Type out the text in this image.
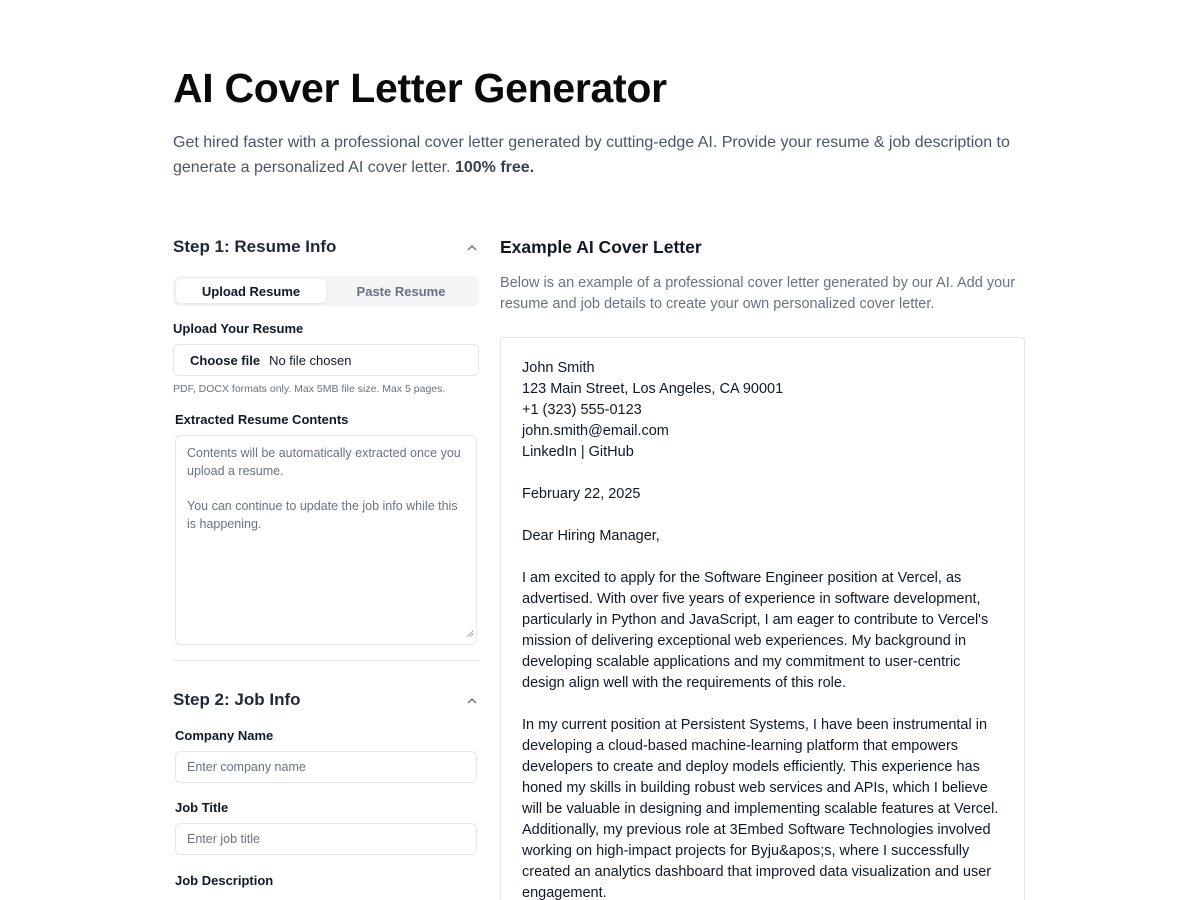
AI Cover Letter Generator

Get hired faster with a professional cover letter generated by cutting-edge AI. Provide your resume & job description to generate a personalized AI cover letter. 100% free.

Step 1: Resume Info
Upload Resume	Paste Resume
Upload Your Resume
Choose file No file chosen
PDF, DOCX formats only. Max 5MB file size. Max 5 pages.
Extracted Resume Contents

Contents will be automatically extracted once you upload a resume.

You can continue to update the job info while this is happening.

Step 2: Job Info
Company Name
Enter company name
Job Title
Enter job title
Job Description
Example AI Cover Letter
Below is an example of a professional cover letter generated by our AI. Add your resume and job details to create your own personalized cover letter.

John Smith

123 Main Street, Los Angeles, CA 90001

+1 (323) 555-0123

john.smith@email.com

LinkedIn | GitHub

February 22, 2025

Dear Hiring Manager,

I am excited to apply for the Software Engineer position at Vercel, as advertised. With over five years of experience in software development, particularly in Python and JavaScript, I am eager to contribute to Vercel's mission of delivering exceptional web experiences. My background in developing scalable applications and my commitment to user-centric design align well with the requirements of this role.

In my current position at Persistent Systems, I have been instrumental in developing a cloud-based machine-learning platform that empowers developers to create and deploy models efficiently. This experience has honed my skills in building robust web services and APIs, which I believe will be valuable in designing and implementing scalable features at Vercel. Additionally, my previous role at 3Embed Software Technologies involved working on high-impact projects for Byju&apos;s, where I successfully created an analytics dashboard that improved data visualization and user engagement.
